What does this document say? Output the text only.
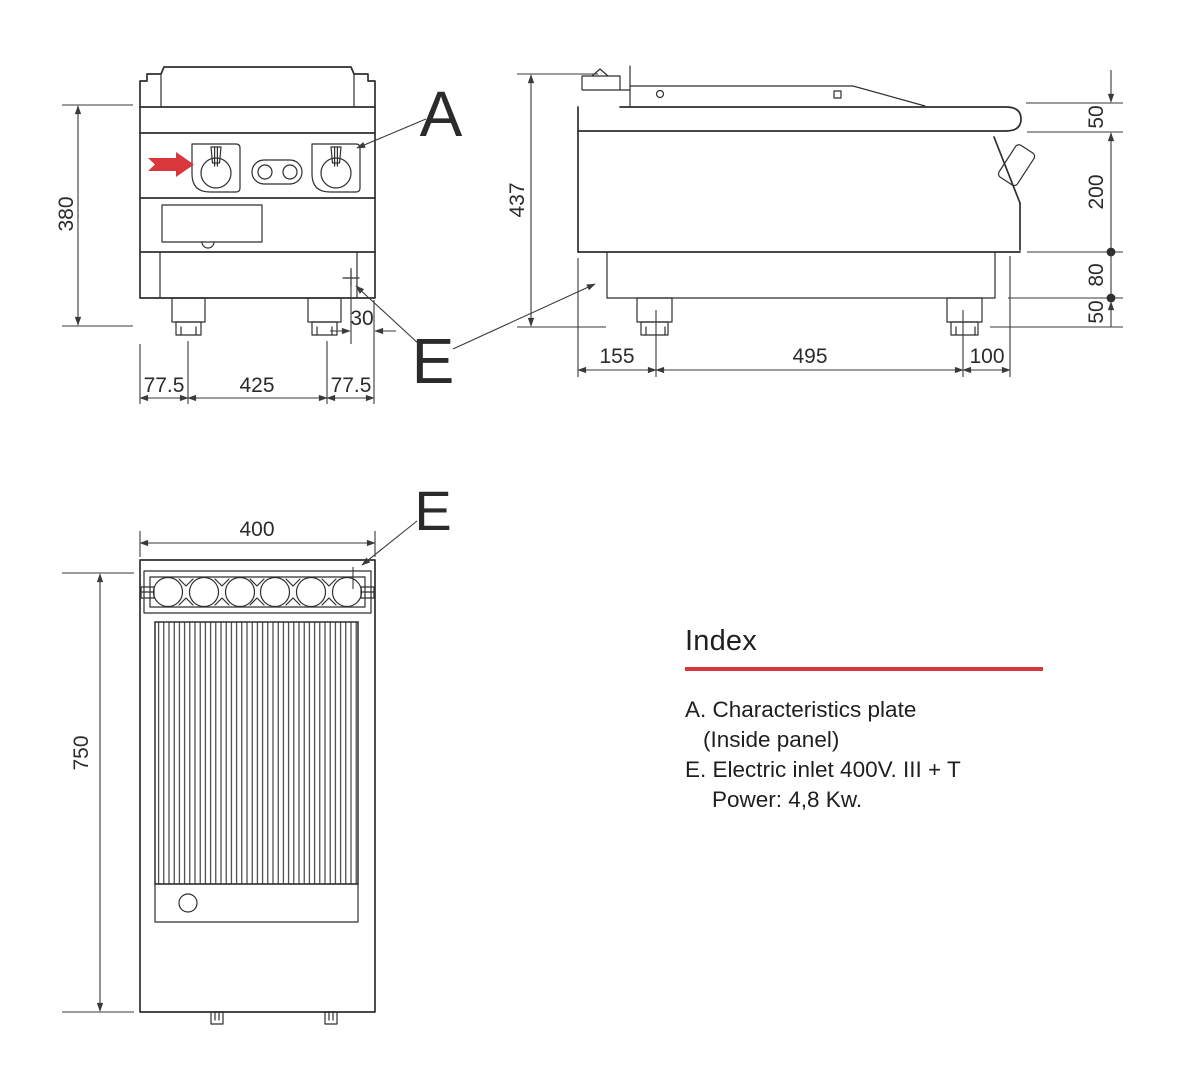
380
77.5	425	77.5
30
A
E
437
155	495	100
50
200
80
50
400
750
E
Index
A. Characteristics plate
(Inside panel)
E. Electric inlet 400V. III + T
Power: 4,8 Kw.
